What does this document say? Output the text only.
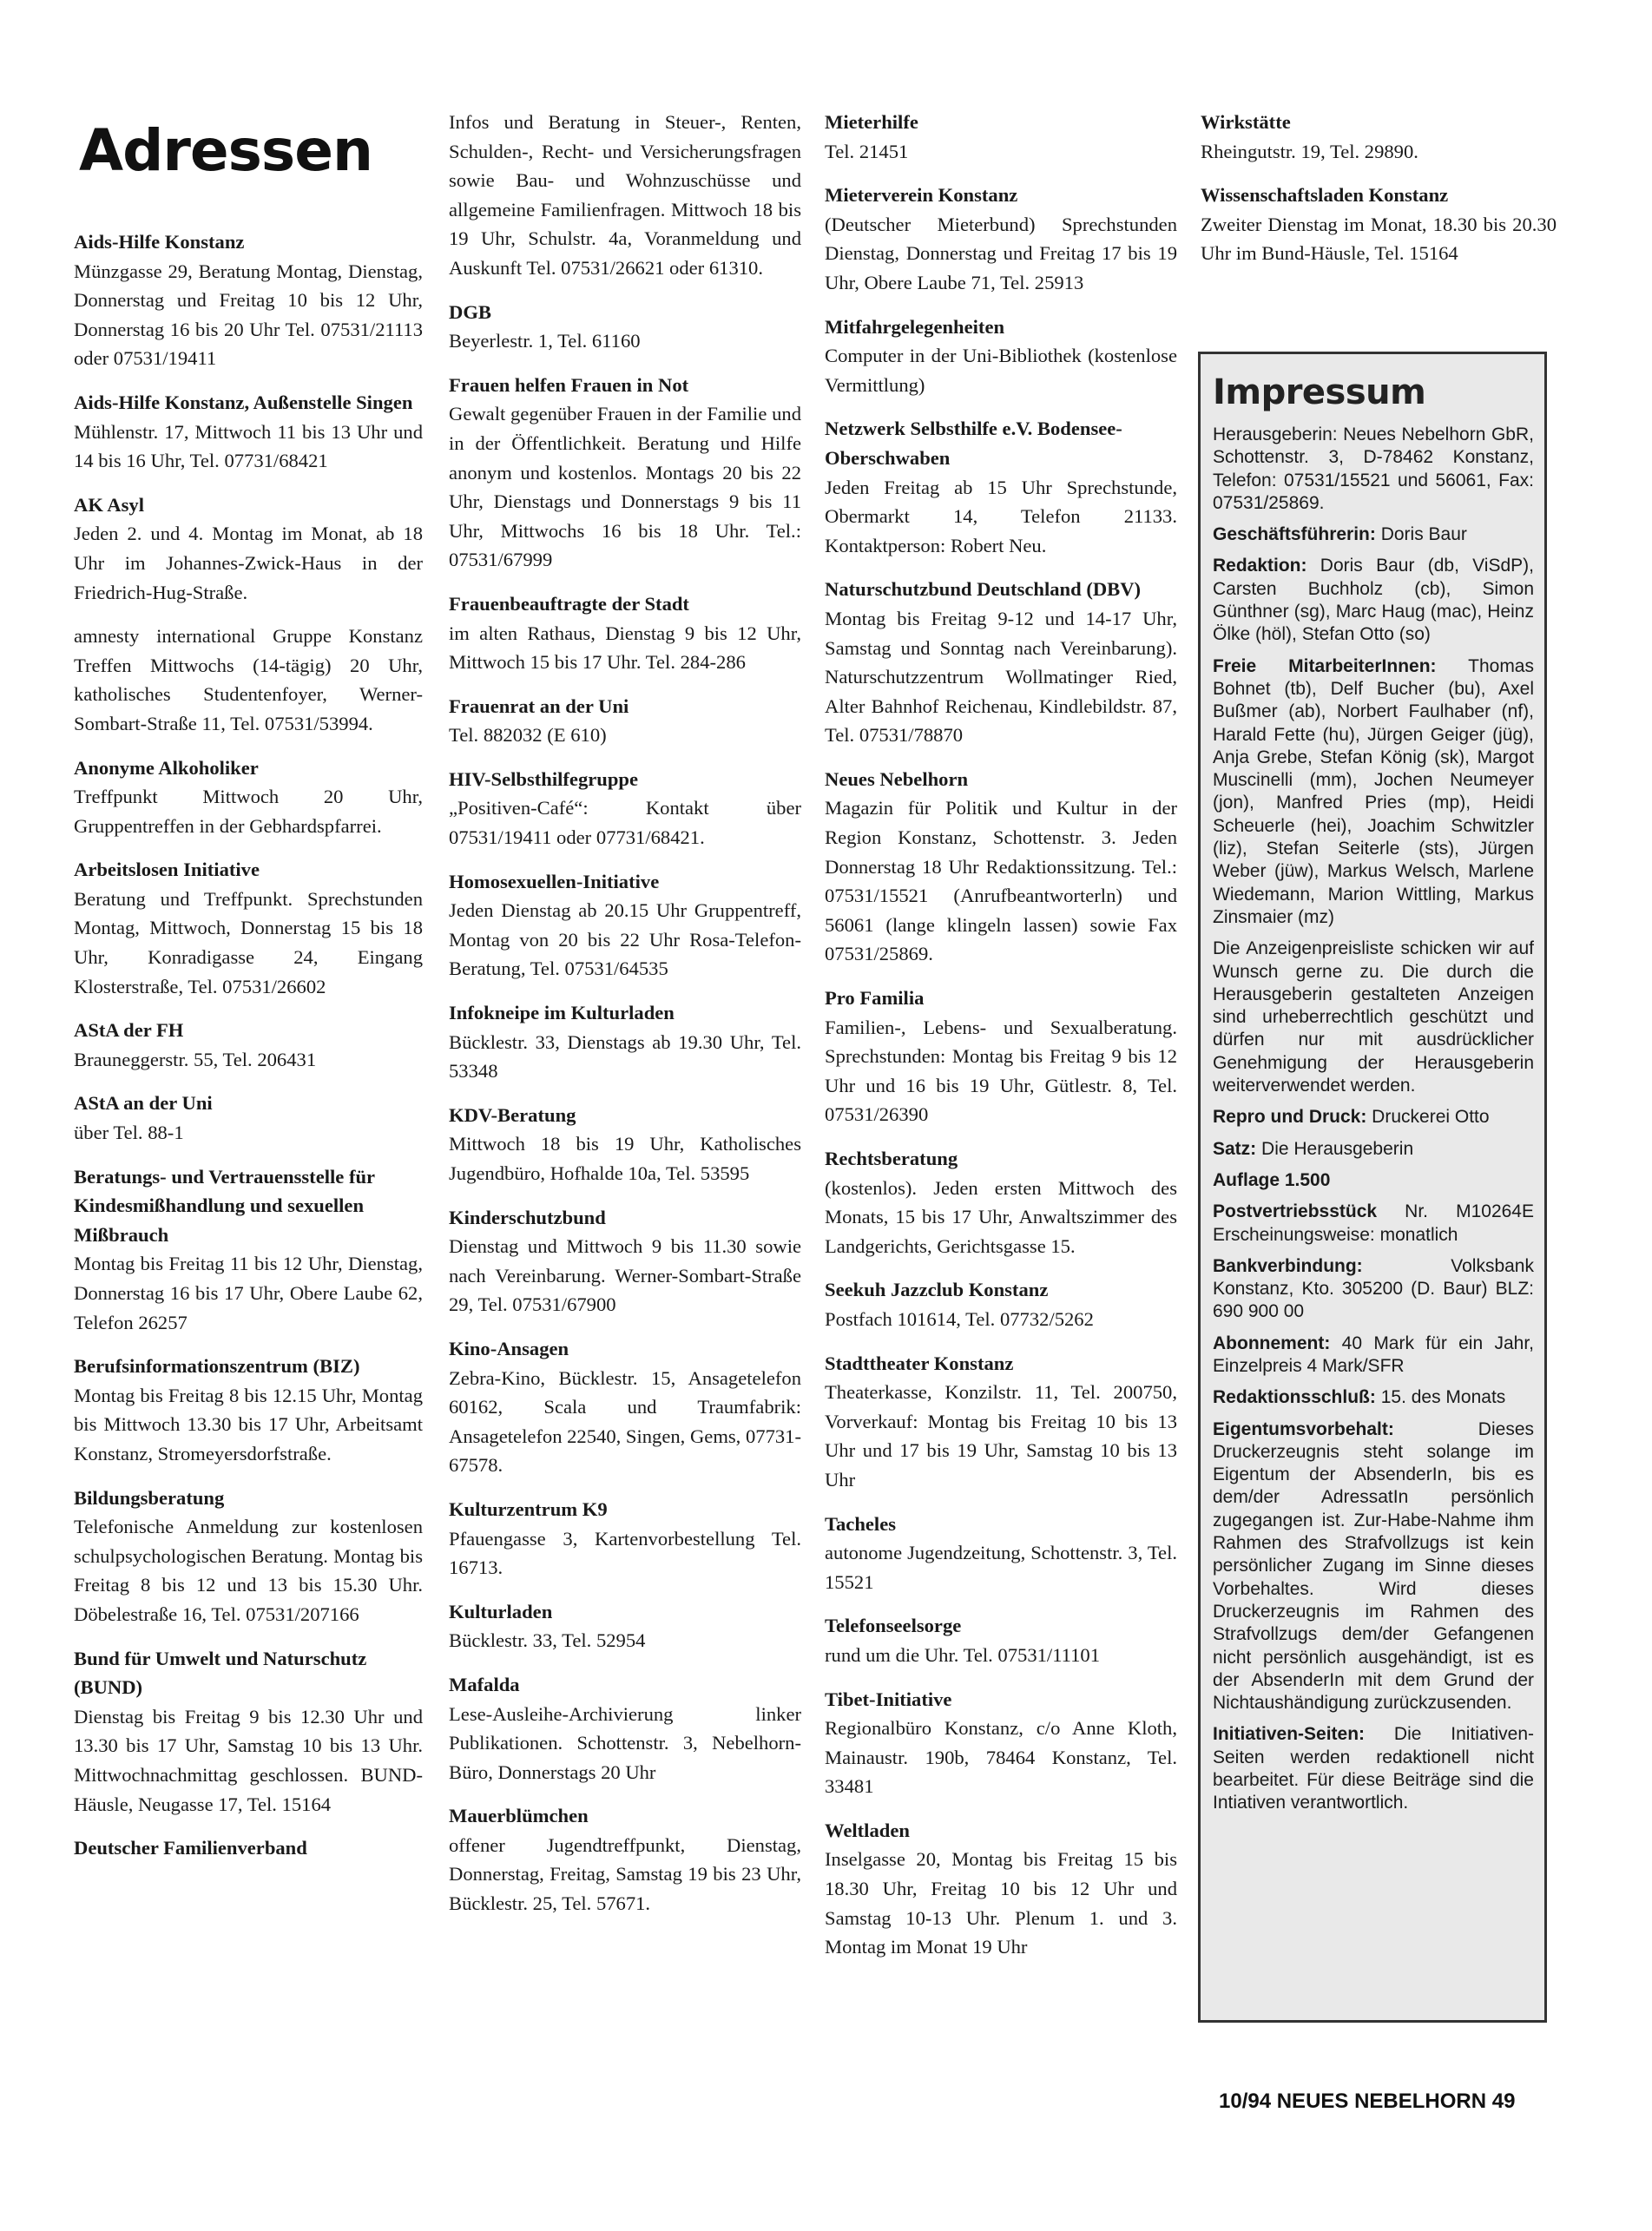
Adressen
Aids-Hilfe Konstanz
Münzgasse 29, Beratung Montag, Dienstag, Donnerstag und Freitag 10 bis 12 Uhr, Donnerstag 16 bis 20 Uhr Tel. 07531/21113 oder 07531/19411
Aids-Hilfe Konstanz, Außenstelle Singen
Mühlenstr. 17, Mittwoch 11 bis 13 Uhr und 14 bis 16 Uhr, Tel. 07731/68421
AK Asyl
Jeden 2. und 4. Montag im Monat, ab 18 Uhr im Johannes-Zwick-Haus in der Friedrich-Hug-Straße.
amnesty international Gruppe Konstanz Treffen Mittwochs (14-tägig) 20 Uhr, katholisches Studentenfoyer, Werner-Sombart-Straße 11, Tel. 07531/53994.
Anonyme Alkoholiker
Treffpunkt Mittwoch 20 Uhr, Gruppentreffen in der Gebhardspfarrei.
Arbeitslosen Initiative
Beratung und Treffpunkt. Sprechstunden Montag, Mittwoch, Donnerstag 15 bis 18 Uhr, Konradigasse 24, Eingang Klosterstraße, Tel. 07531/26602
AStA der FH
Brauneggerstr. 55, Tel. 206431
AStA an der Uni
über Tel. 88-1
Beratungs- und Vertrauensstelle für Kindesmißhandlung und sexuellen Mißbrauch
Montag bis Freitag 11 bis 12 Uhr, Dienstag, Donnerstag 16 bis 17 Uhr, Obere Laube 62, Telefon 26257
Berufsinformationszentrum (BIZ)
Montag bis Freitag 8 bis 12.15 Uhr, Montag bis Mittwoch 13.30 bis 17 Uhr, Arbeitsamt Konstanz, Stromeyersdorfstraße.
Bildungsberatung
Telefonische Anmeldung zur kostenlosen schulpsychologischen Beratung. Montag bis Freitag 8 bis 12 und 13 bis 15.30 Uhr. Döbelestraße 16, Tel. 07531/207166
Bund für Umwelt und Naturschutz (BUND)
Dienstag bis Freitag 9 bis 12.30 Uhr und 13.30 bis 17 Uhr, Samstag 10 bis 13 Uhr. Mittwochnachmittag geschlossen. BUND-Häusle, Neugasse 17, Tel. 15164
Deutscher Familienverband
Infos und Beratung in Steuer-, Renten, Schulden-, Recht- und Versicherungsfragen sowie Bau- und Wohnzuschüsse und allgemeine Familienfragen. Mittwoch 18 bis 19 Uhr, Schulstr. 4a, Voranmeldung und Auskunft Tel. 07531/26621 oder 61310.
DGB
Beyerlestr. 1, Tel. 61160
Frauen helfen Frauen in Not
Gewalt gegenüber Frauen in der Familie und in der Öffentlichkeit. Beratung und Hilfe anonym und kostenlos. Montags 20 bis 22 Uhr, Dienstags und Donnerstags 9 bis 11 Uhr, Mittwochs 16 bis 18 Uhr. Tel.: 07531/67999
Frauenbeauftragte der Stadt
im alten Rathaus, Dienstag 9 bis 12 Uhr, Mittwoch 15 bis 17 Uhr. Tel. 284-286
Frauenrat an der Uni
Tel. 882032 (E 610)
HIV-Selbsthilfegruppe
„Positiven-Café“: Kontakt über 07531/19411 oder 07731/68421.
Homosexuellen-Initiative
Jeden Dienstag ab 20.15 Uhr Gruppentreff, Montag von 20 bis 22 Uhr Rosa-Telefon-Beratung, Tel. 07531/64535
Infokneipe im Kulturladen
Bücklestr. 33, Dienstags ab 19.30 Uhr, Tel. 53348
KDV-Beratung
Mittwoch 18 bis 19 Uhr, Katholisches Jugendbüro, Hofhalde 10a, Tel. 53595
Kinderschutzbund
Dienstag und Mittwoch 9 bis 11.30 sowie nach Vereinbarung. Werner-Sombart-Straße 29, Tel. 07531/67900
Kino-Ansagen
Zebra-Kino, Bücklestr. 15, Ansagetelefon 60162, Scala und Traumfabrik: Ansagetelefon 22540, Singen, Gems, 07731-67578.
Kulturzentrum K9
Pfauengasse 3, Kartenvorbestellung Tel. 16713.
Kulturladen
Bücklestr. 33, Tel. 52954
Mafalda
Lese-Ausleihe-Archivierung linker Publikationen. Schottenstr. 3, Nebelhorn-Büro, Donnerstags 20 Uhr
Mauerblümchen
offener Jugendtreffpunkt, Dienstag, Donnerstag, Freitag, Samstag 19 bis 23 Uhr, Bücklestr. 25, Tel. 57671.
Mieterhilfe
Tel. 21451
Mieterverein Konstanz
(Deutscher Mieterbund) Sprechstunden Dienstag, Donnerstag und Freitag 17 bis 19 Uhr, Obere Laube 71, Tel. 25913
Mitfahrgelegenheiten
Computer in der Uni-Bibliothek (kostenlose Vermittlung)
Netzwerk Selbsthilfe e.V. Bodensee-Oberschwaben
Jeden Freitag ab 15 Uhr Sprechstunde, Obermarkt 14, Telefon 21133. Kontaktperson: Robert Neu.
Naturschutzbund Deutschland (DBV)
Montag bis Freitag 9-12 und 14-17 Uhr, Samstag und Sonntag nach Vereinbarung). Naturschutzzentrum Wollmatinger Ried, Alter Bahnhof Reichenau, Kindlebildstr. 87, Tel. 07531/78870
Neues Nebelhorn
Magazin für Politik und Kultur in der Region Konstanz, Schottenstr. 3. Jeden Donnerstag 18 Uhr Redaktionssitzung. Tel.: 07531/15521 (Anrufbeantworterln) und 56061 (lange klingeln lassen) sowie Fax 07531/25869.
Pro Familia
Familien-, Lebens- und Sexualberatung. Sprechstunden: Montag bis Freitag 9 bis 12 Uhr und 16 bis 19 Uhr, Gütlestr. 8, Tel. 07531/26390
Rechtsberatung
(kostenlos). Jeden ersten Mittwoch des Monats, 15 bis 17 Uhr, Anwaltszimmer des Landgerichts, Gerichtsgasse 15.
Seekuh Jazzclub Konstanz
Postfach 101614, Tel. 07732/5262
Stadttheater Konstanz
Theaterkasse, Konzilstr. 11, Tel. 200750, Vorverkauf: Montag bis Freitag 10 bis 13 Uhr und 17 bis 19 Uhr, Samstag 10 bis 13 Uhr
Tacheles
autonome Jugendzeitung, Schottenstr. 3, Tel. 15521
Telefonseelsorge
rund um die Uhr. Tel. 07531/11101
Tibet-Initiative
Regionalbüro Konstanz, c/o Anne Kloth, Mainaustr. 190b, 78464 Konstanz, Tel. 33481
Weltladen
Inselgasse 20, Montag bis Freitag 15 bis 18.30 Uhr, Freitag 10 bis 12 Uhr und Samstag 10-13 Uhr. Plenum 1. und 3. Montag im Monat 19 Uhr
Wirkstätte
Rheingutstr. 19, Tel. 29890.
Wissenschaftsladen Konstanz
Zweiter Dienstag im Monat, 18.30 bis 20.30 Uhr im Bund-Häusle, Tel. 15164
Impressum
Herausgeberin: Neues Nebelhorn GbR, Schottenstr. 3, D-78462 Konstanz, Telefon: 07531/15521 und 56061, Fax: 07531/25869.
Geschäftsführerin: Doris Baur
Redaktion: Doris Baur (db, ViSdP), Carsten Buchholz (cb), Simon Günthner (sg), Marc Haug (mac), Heinz Ölke (höl), Stefan Otto (so)
Freie MitarbeiterInnen: Thomas Bohnet (tb), Delf Bucher (bu), Axel Bußmer (ab), Norbert Faulhaber (nf), Harald Fette (hu), Jürgen Geiger (jüg), Anja Grebe, Stefan König (sk), Margot Muscinelli (mm), Jochen Neumeyer (jon), Manfred Pries (mp), Heidi Scheuerle (hei), Joachim Schwitzler (liz), Stefan Seiterle (sts), Jürgen Weber (jüw), Markus Welsch, Marlene Wiedemann, Marion Wittling, Markus Zinsmaier (mz)
Die Anzeigenpreisliste schicken wir auf Wunsch gerne zu. Die durch die Herausgeberin gestalteten Anzeigen sind urheberrechtlich geschützt und dürfen nur mit ausdrücklicher Genehmigung der Herausgeberin weiterverwendet werden.
Repro und Druck: Druckerei Otto
Satz: Die Herausgeberin
Auflage 1.500
Postvertriebsstück Nr. M10264E Erscheinungsweise: monatlich
Bankverbindung: Volksbank Konstanz, Kto. 305200 (D. Baur) BLZ: 690 900 00
Abonnement: 40 Mark für ein Jahr, Einzelpreis 4 Mark/SFR
Redaktionsschluß: 15. des Monats
Eigentumsvorbehalt: Dieses Druckerzeugnis steht solange im Eigentum der AbsenderIn, bis es dem/der AdressatIn persönlich zugegangen ist. Zur-Habe-Nahme ihm Rahmen des Strafvollzugs ist kein persönlicher Zugang im Sinne dieses Vorbehaltes. Wird dieses Druckerzeugnis im Rahmen des Strafvollzugs dem/der Gefangenen nicht persönlich ausgehändigt, ist es der AbsenderIn mit dem Grund der Nichtaushändigung zurückzusenden.
Initiativen-Seiten: Die Initiativen-Seiten werden redaktionell nicht bearbeitet. Für diese Beiträge sind die Intiativen verantwortlich.
10/94 NEUES NEBELHORN 49
